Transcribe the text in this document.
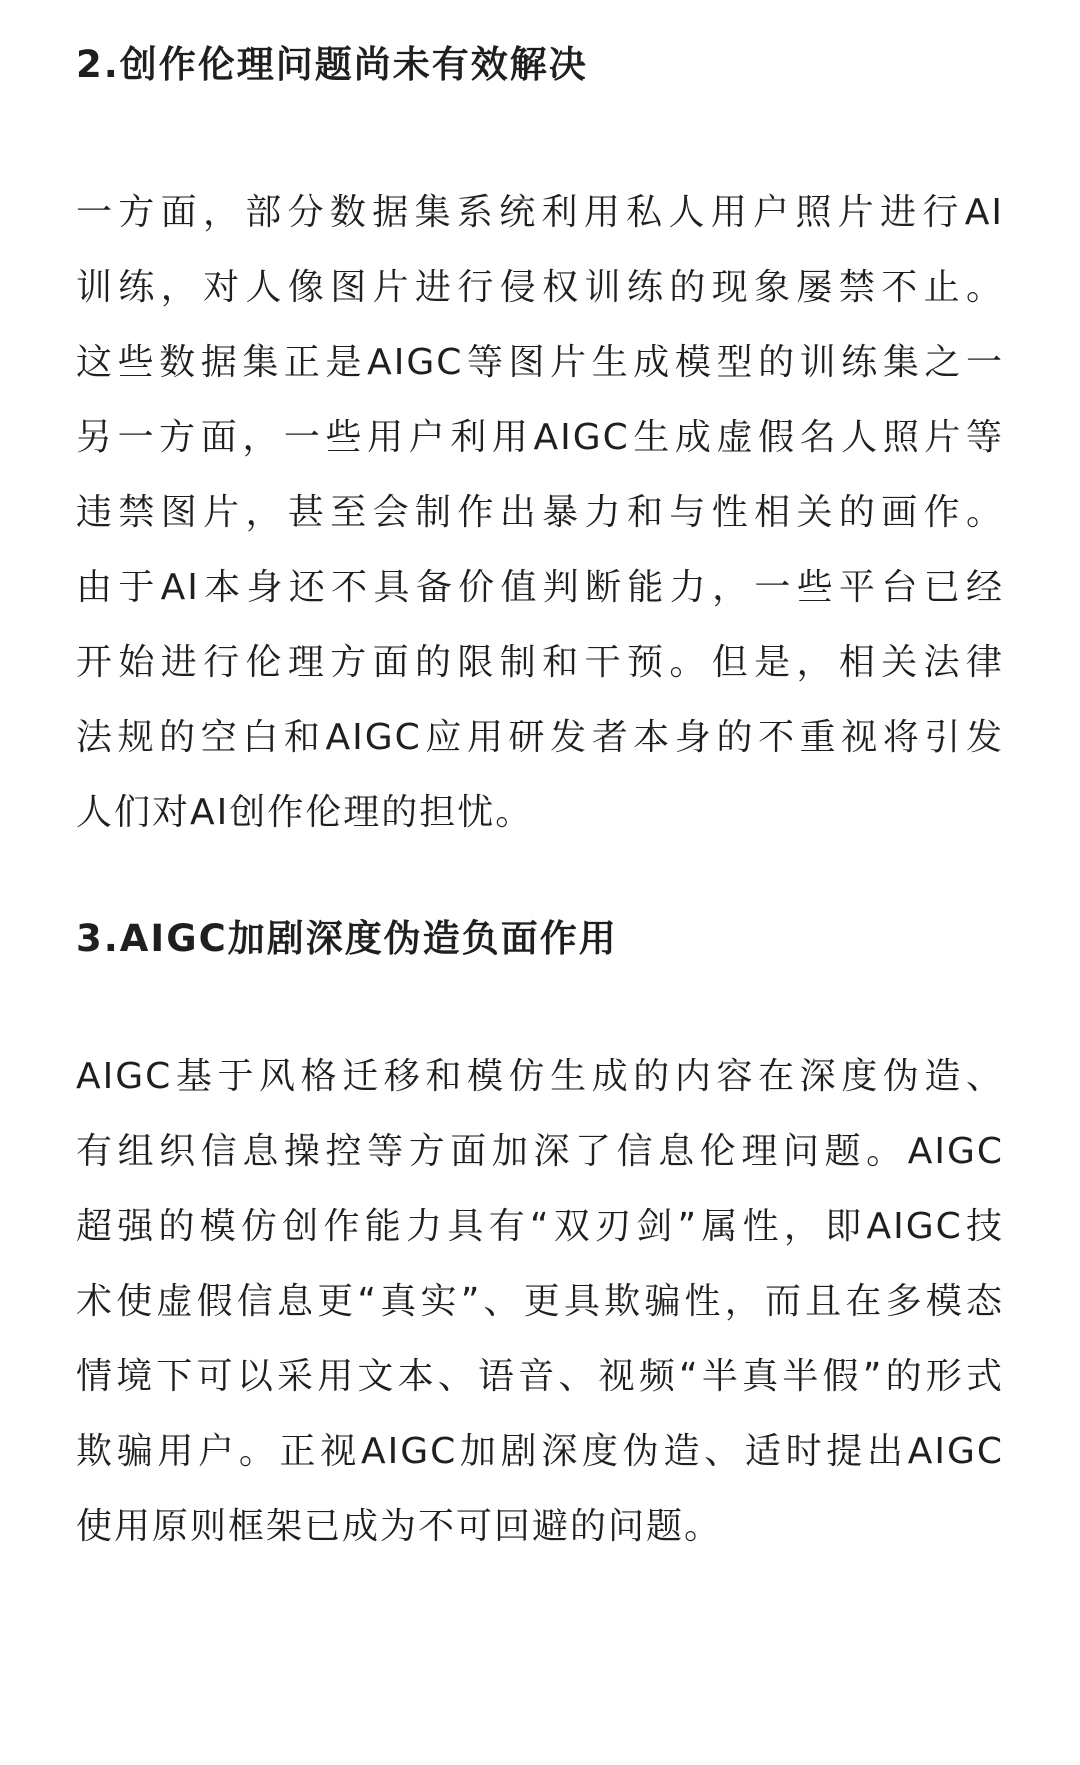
2.创作伦理问题尚未有效解决
一方面，部分数据集系统利用私人用户照片进行AI
训练，对人像图片进行侵权训练的现象屡禁不止。
这些数据集正是AIGC等图片生成模型的训练集之一
另一方面，一些用户利用AIGC生成虚假名人照片等
违禁图片，甚至会制作出暴力和与性相关的画作。
由于AI本身还不具备价值判断能力，一些平台已经
开始进行伦理方面的限制和干预。但是，相关法律
法规的空白和AIGC应用研发者本身的不重视将引发
人们对AI创作伦理的担忧。
3.AIGC加剧深度伪造负面作用
AIGC基于风格迁移和模仿生成的内容在深度伪造、
有组织信息操控等方面加深了信息伦理问题。AIGC
超强的模仿创作能力具有“双刃剑”属性，即AIGC技
术使虚假信息更“真实”、更具欺骗性，而且在多模态
情境下可以采用文本、语音、视频“半真半假”的形式
欺骗用户。正视AIGC加剧深度伪造、适时提出AIGC
使用原则框架已成为不可回避的问题。
